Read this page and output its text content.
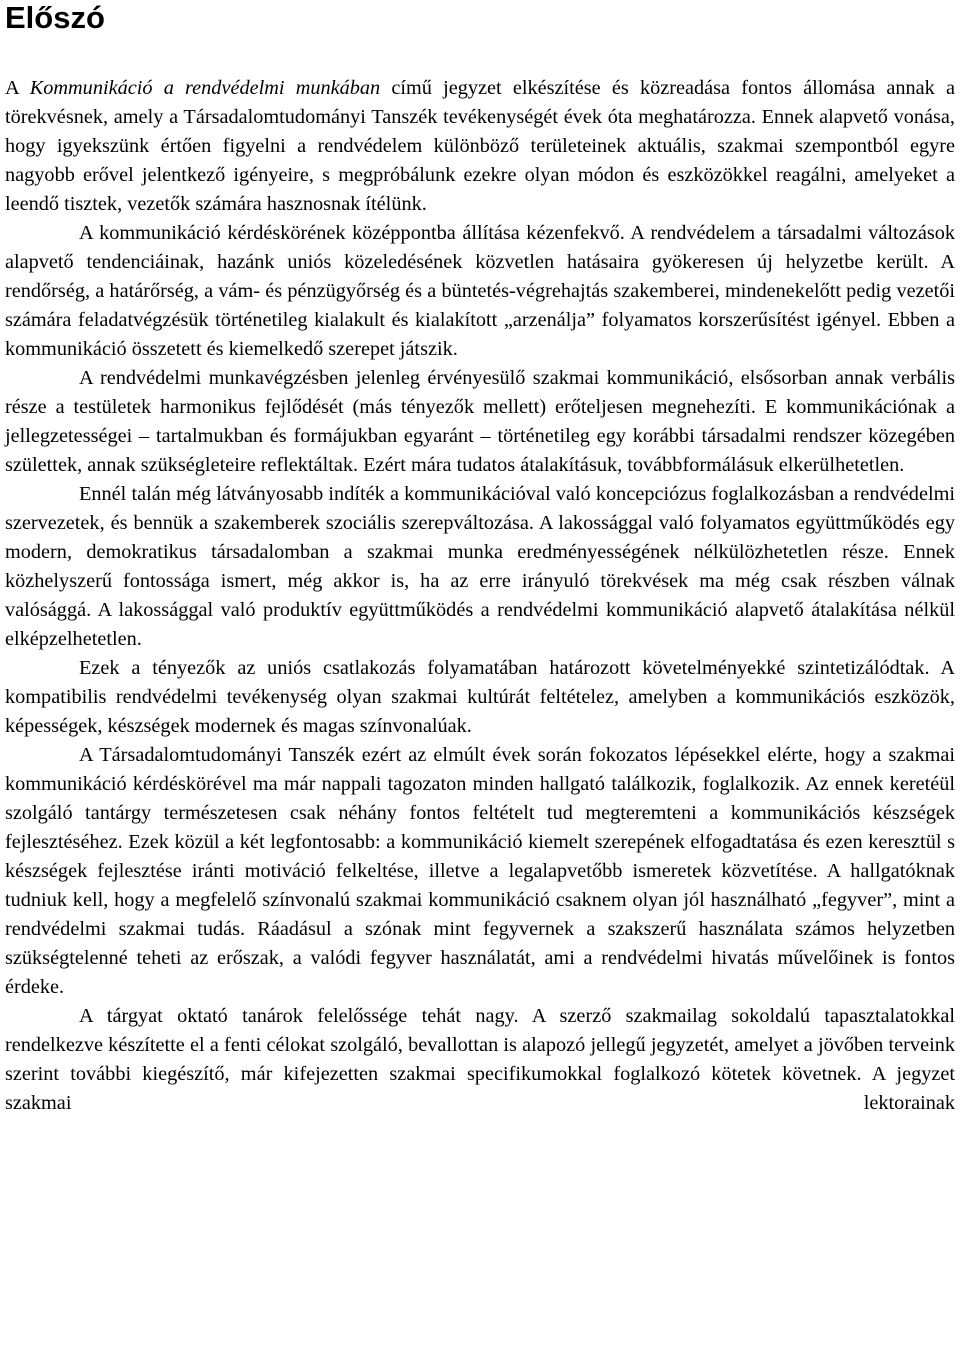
Előszó

A Kommunikáció a rendvédelmi munkában című jegyzet elkészítése és közreadása fontos állomása annak a törekvésnek, amely a Társadalomtudományi Tanszék tevékenységét évek óta meghatározza. Ennek alapvető vonása, hogy igyekszünk értően figyelni a rendvédelem különböző területeinek aktuális, szakmai szempontból egyre nagyobb erővel jelentkező igényeire, s megpróbálunk ezekre olyan módon és eszközökkel reagálni, amelyeket a leendő tisztek, vezetők számára hasznosnak ítélünk.

A kommunikáció kérdéskörének középpontba állítása kézenfekvő. A rendvédelem a társadalmi változások alapvető tendenciáinak, hazánk uniós közeledésének közvetlen hatásaira gyökeresen új helyzetbe került. A rendőrség, a határőrség, a vám- és pénzügyőrség és a büntetés-végrehajtás szakemberei, mindenekelőtt pedig vezetői számára feladatvégzésük történetileg kialakult és kialakított „arzenálja” folyamatos korszerűsítést igényel. Ebben a kommunikáció összetett és kiemelkedő szerepet játszik.

A rendvédelmi munkavégzésben jelenleg érvényesülő szakmai kommunikáció, elsősorban annak verbális része a testületek harmonikus fejlődését (más tényezők mellett) erőteljesen megnehezíti. E kommunikációnak a jellegzetességei – tartalmukban és formájukban egyaránt – történetileg egy korábbi társadalmi rendszer közegében születtek, annak szükségleteire reflektáltak. Ezért mára tudatos átalakításuk, továbbformálásuk elkerülhetetlen.

Ennél talán még látványosabb indíték a kommunikációval való koncepciózus foglalkozásban a rendvédelmi szervezetek, és bennük a szakemberek szociális szerepváltozása. A lakossággal való folyamatos együttműködés egy modern, demokratikus társadalomban a szakmai munka eredményességének nélkülözhetetlen része. Ennek közhelyszerű fontossága ismert, még akkor is, ha az erre irányuló törekvések ma még csak részben válnak valósággá. A lakossággal való produktív együttműködés a rendvédelmi kommunikáció alapvető átalakítása nélkül elképzelhetetlen.

Ezek a tényezők az uniós csatlakozás folyamatában határozott követelményekké szintetizálódtak. A kompatibilis rendvédelmi tevékenység olyan szakmai kultúrát feltételez, amelyben a kommunikációs eszközök, képességek, készségek modernek és magas színvonalúak.

A Társadalomtudományi Tanszék ezért az elmúlt évek során fokozatos lépésekkel elérte, hogy a szakmai kommunikáció kérdéskörével ma már nappali tagozaton minden hallgató találkozik, foglalkozik. Az ennek keretéül szolgáló tantárgy természetesen csak néhány fontos feltételt tud megteremteni a kommunikációs készségek fejlesztéséhez. Ezek közül a két legfontosabb: a kommunikáció kiemelt szerepének elfogadtatása és ezen keresztül s készségek fejlesztése iránti motiváció felkeltése, illetve a legalapvetőbb ismeretek közvetítése. A hallgatóknak tudniuk kell, hogy a megfelelő színvonalú szakmai kommunikáció csaknem olyan jól használható „fegyver”, mint a rendvédelmi szakmai tudás. Ráadásul a szónak mint fegyvernek a szakszerű használata számos helyzetben szükségtelenné teheti az erőszak, a valódi fegyver használatát, ami a rendvédelmi hivatás művelőinek is fontos érdeke.

A tárgyat oktató tanárok felelőssége tehát nagy. A szerző szakmailag sokoldalú tapasztalatokkal rendelkezve készítette el a fenti célokat szolgáló, bevallottan is alapozó jellegű jegyzetét, amelyet a jövőben terveink szerint további kiegészítő, már kifejezetten szakmai specifikumokkal foglalkozó kötetek követnek. A jegyzet szakmai lektorainak
